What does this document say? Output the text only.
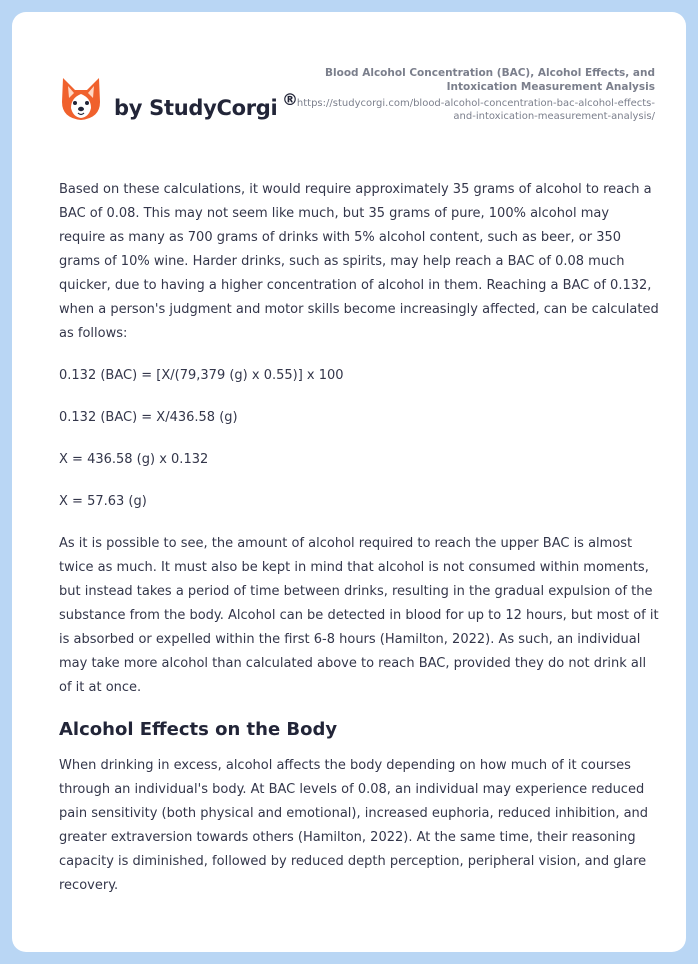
by StudyCorgi ®
Blood Alcohol Concentration (BAC), Alcohol Effects, and Intoxication Measurement Analysis
https://studycorgi.com/blood-alcohol-concentration-bac-alcohol-effects-and-intoxication-measurement-analysis/

Based on these calculations, it would require approximately 35 grams of alcohol to reach a BAC of 0.08. This may not seem like much, but 35 grams of pure, 100% alcohol may require as many as 700 grams of drinks with 5% alcohol content, such as beer, or 350 grams of 10% wine. Harder drinks, such as spirits, may help reach a BAC of 0.08 much quicker, due to having a higher concentration of alcohol in them. Reaching a BAC of 0.132, when a person's judgment and motor skills become increasingly affected, can be calculated as follows:

0.132 (BAC) = [X/(79,379 (g) x 0.55)] x 100

0.132 (BAC) = X/436.58 (g)

X = 436.58 (g) x 0.132

X = 57.63 (g)

As it is possible to see, the amount of alcohol required to reach the upper BAC is almost twice as much. It must also be kept in mind that alcohol is not consumed within moments, but instead takes a period of time between drinks, resulting in the gradual expulsion of the substance from the body. Alcohol can be detected in blood for up to 12 hours, but most of it is absorbed or expelled within the first 6-8 hours (Hamilton, 2022). As such, an individual may take more alcohol than calculated above to reach BAC, provided they do not drink all of it at once.

Alcohol Effects on the Body

When drinking in excess, alcohol affects the body depending on how much of it courses through an individual's body. At BAC levels of 0.08, an individual may experience reduced pain sensitivity (both physical and emotional), increased euphoria, reduced inhibition, and greater extraversion towards others (Hamilton, 2022). At the same time, their reasoning capacity is diminished, followed by reduced depth perception, peripheral vision, and glare recovery.
